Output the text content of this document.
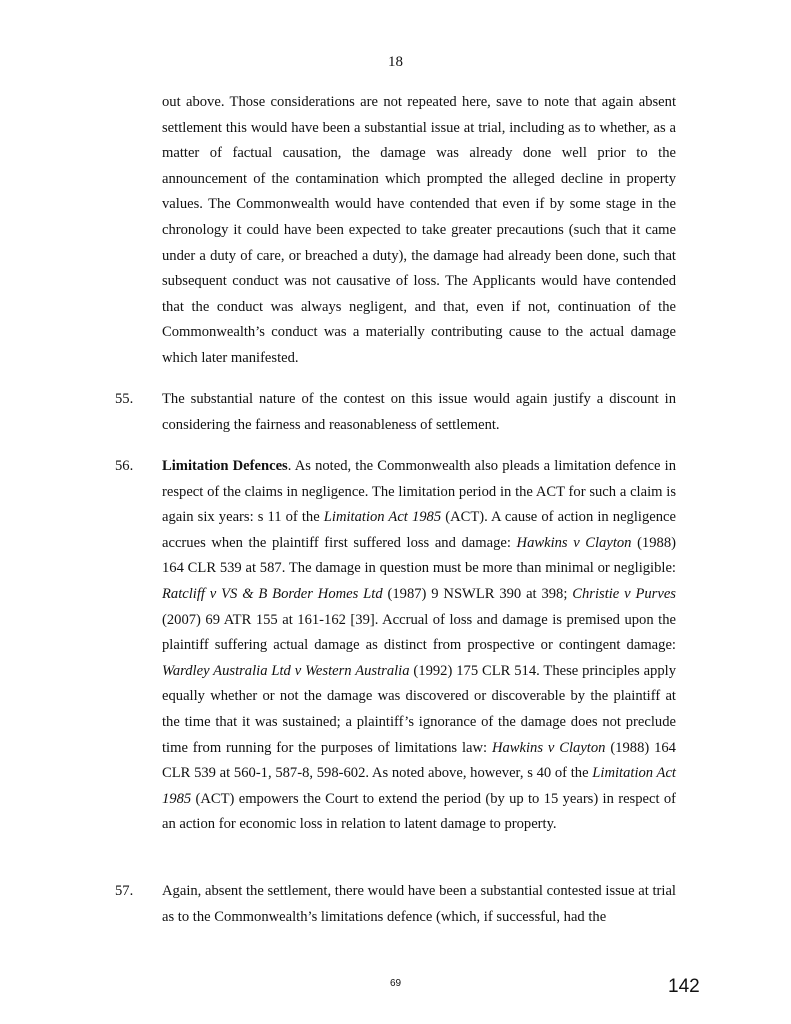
18

out above. Those considerations are not repeated here, save to note that again absent settlement this would have been a substantial issue at trial, including as to whether, as a matter of factual causation, the damage was already done well prior to the announcement of the contamination which prompted the alleged decline in property values. The Commonwealth would have contended that even if by some stage in the chronology it could have been expected to take greater precautions (such that it came under a duty of care, or breached a duty), the damage had already been done, such that subsequent conduct was not causative of loss. The Applicants would have contended that the conduct was always negligent, and that, even if not, continuation of the Commonwealth’s conduct was a materially contributing cause to the actual damage which later manifested.

55. The substantial nature of the contest on this issue would again justify a discount in considering the fairness and reasonableness of settlement.

56. Limitation Defences. As noted, the Commonwealth also pleads a limitation defence in respect of the claims in negligence. The limitation period in the ACT for such a claim is again six years: s 11 of the Limitation Act 1985 (ACT). A cause of action in negligence accrues when the plaintiff first suffered loss and damage: Hawkins v Clayton (1988) 164 CLR 539 at 587. The damage in question must be more than minimal or negligible: Ratcliff v VS & B Border Homes Ltd (1987) 9 NSWLR 390 at 398; Christie v Purves (2007) 69 ATR 155 at 161-162 [39]. Accrual of loss and damage is premised upon the plaintiff suffering actual damage as distinct from prospective or contingent damage: Wardley Australia Ltd v Western Australia (1992) 175 CLR 514. These principles apply equally whether or not the damage was discovered or discoverable by the plaintiff at the time that it was sustained; a plaintiff’s ignorance of the damage does not preclude time from running for the purposes of limitations law: Hawkins v Clayton (1988) 164 CLR 539 at 560-1, 587-8, 598-602. As noted above, however, s 40 of the Limitation Act 1985 (ACT) empowers the Court to extend the period (by up to 15 years) in respect of an action for economic loss in relation to latent damage to property.

57. Again, absent the settlement, there would have been a substantial contested issue at trial as to the Commonwealth’s limitations defence (which, if successful, had the

69	142
